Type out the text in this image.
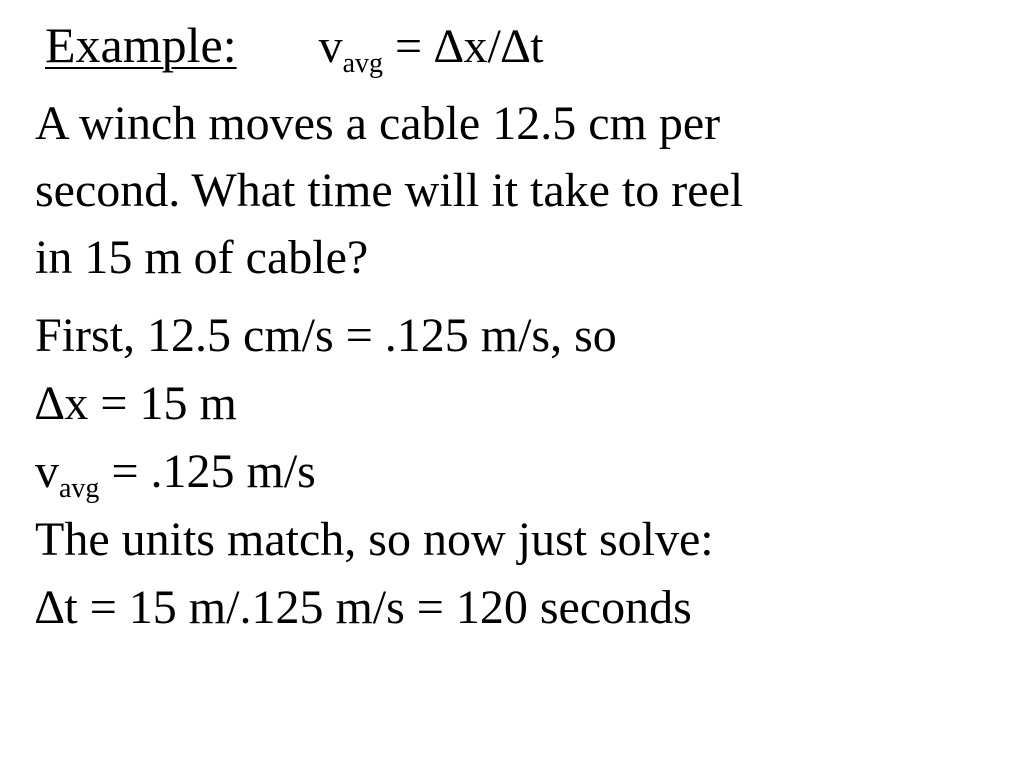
Example: $v_{avg} = \Delta x/\Delta t$
A winch moves a cable 12.5 cm per
second. What time will it take to reel
in 15 m of cable?
First, 12.5 cm/s = .125 m/s, so
∆x = 15 m
$v_{avg} = .125$ m/s
The units match, so now just solve:
∆t = 15 m/.125 m/s = 120 seconds
